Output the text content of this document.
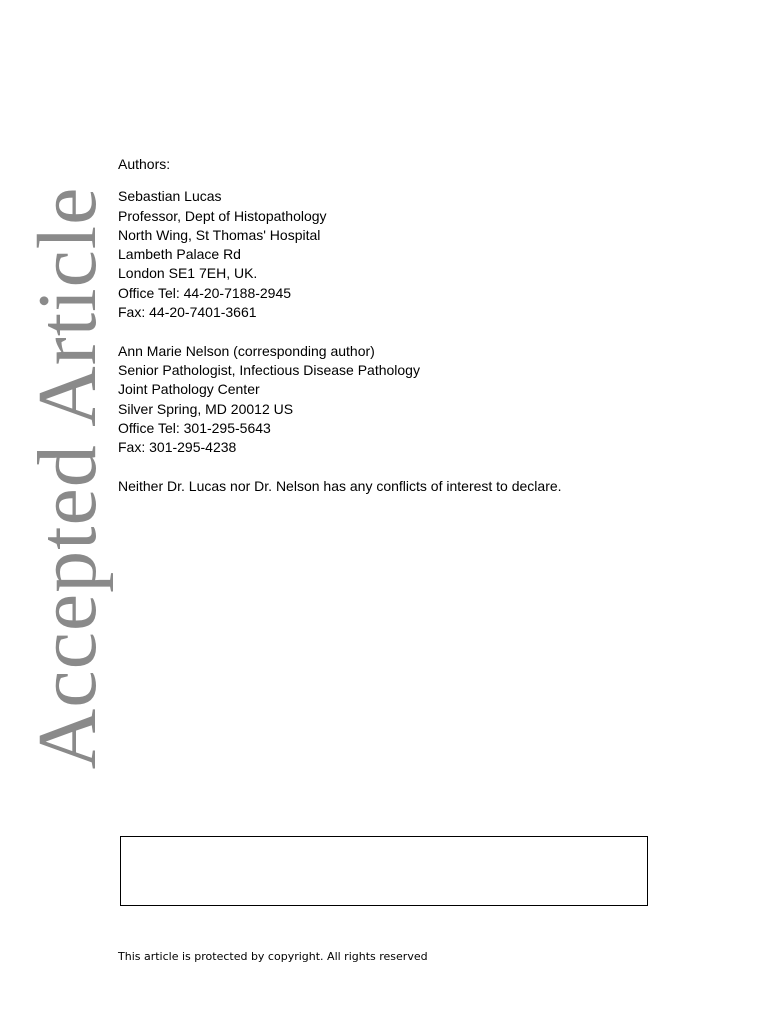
Accepted Article
Authors:
Sebastian Lucas
Professor, Dept of Histopathology
North Wing, St Thomas' Hospital
Lambeth Palace Rd
London SE1 7EH, UK.
Office Tel: 44-20-7188-2945
Fax: 44-20-7401-3661
Ann Marie Nelson (corresponding author)
Senior Pathologist, Infectious Disease Pathology
Joint Pathology Center
Silver Spring, MD 20012 US
Office Tel: 301-295-5643
Fax: 301-295-4238
Neither Dr. Lucas nor Dr. Nelson has any conflicts of interest to declare.
This article is protected by copyright. All rights reserved
